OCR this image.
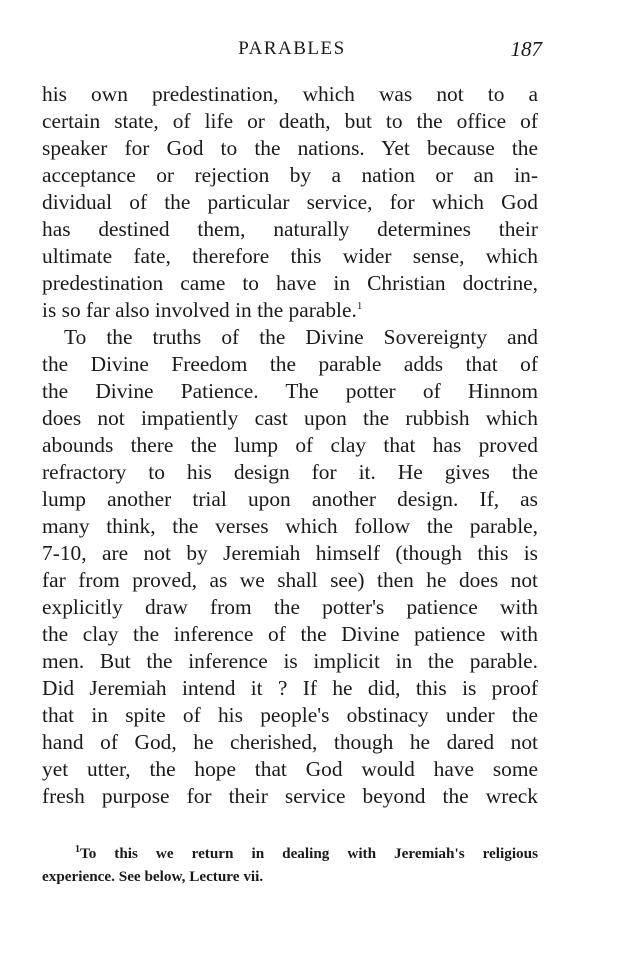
PARABLES	187
his own predestination, which was not to a
certain state, of life or death, but to the office of
speaker for God to the nations. Yet because the
acceptance or rejection by a nation or an in-
dividual of the particular service, for which God
has destined them, naturally determines their
ultimate fate, therefore this wider sense, which
predestination came to have in Christian doctrine,
is so far also involved in the parable.$^1$
To the truths of the Divine Sovereignty and
the Divine Freedom the parable adds that of
the Divine Patience. The potter of Hinnom
does not impatiently cast upon the rubbish which
abounds there the lump of clay that has proved
refractory to his design for it. He gives the
lump another trial upon another design. If, as
many think, the verses which follow the parable,
7-10, are not by Jeremiah himself (though this is
far from proved, as we shall see) then he does not
explicitly draw from the potter's patience with
the clay the inference of the Divine patience with
men. But the inference is implicit in the parable.
Did Jeremiah intend it ? If he did, this is proof
that in spite of his people's obstinacy under the
hand of God, he cherished, though he dared not
yet utter, the hope that God would have some
fresh purpose for their service beyond the wreck
$^1$To this we return in dealing with Jeremiah's religious
experience. See below, Lecture vii.
